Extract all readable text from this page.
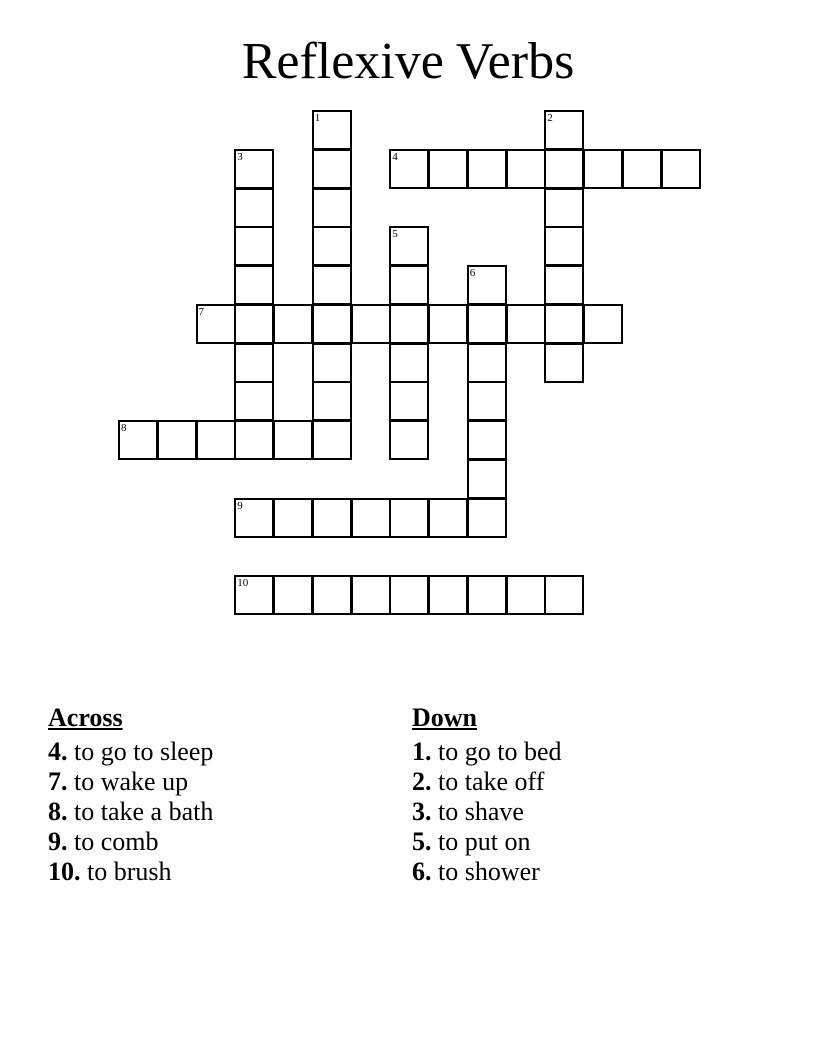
Reflexive Verbs
1	2
3	4
5
6
7
8
9
10
Across
4. to go to sleep
7. to wake up
8. to take a bath
9. to comb
10. to brush
Down
1. to go to bed
2. to take off
3. to shave
5. to put on
6. to shower
